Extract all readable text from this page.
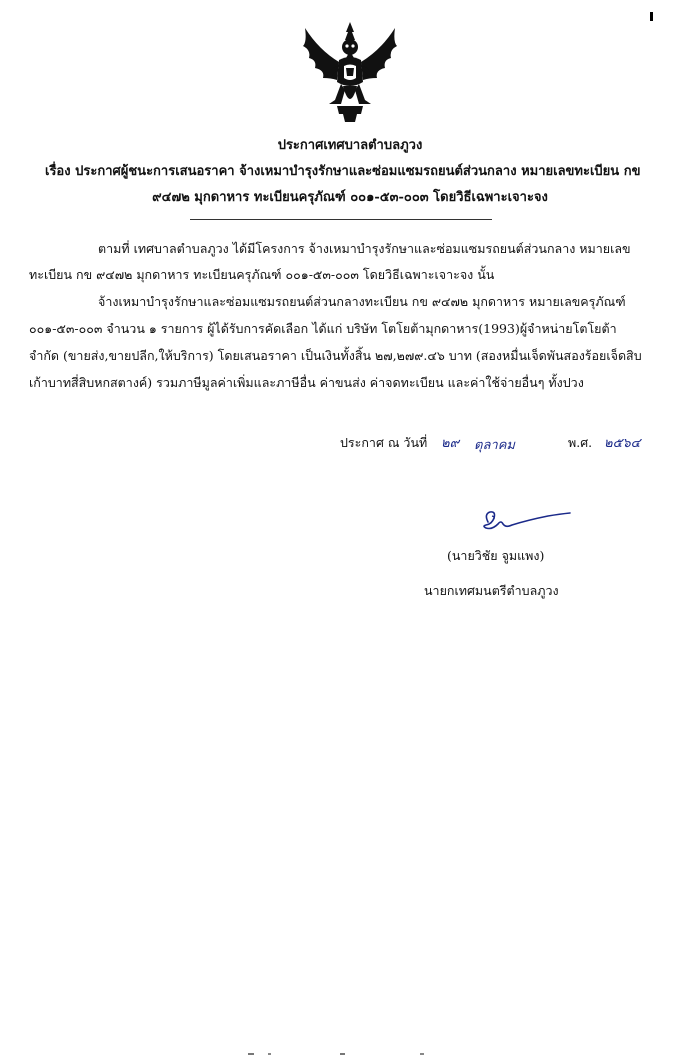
ประกาศเทศบาลตำบลภูวง
เรื่อง ประกาศผู้ชนะการเสนอราคา จ้างเหมาบำรุงรักษาและซ่อมแซมรถยนต์ส่วนกลาง หมายเลขทะเบียน กข
๙๔๗๒ มุกดาหาร ทะเบียนครุภัณฑ์ ๐๐๑-๕๓-๐๐๓ โดยวิธีเฉพาะเจาะจง
ตามที่ เทศบาลตำบลภูวง ได้มีโครงการ จ้างเหมาบำรุงรักษาและซ่อมแซมรถยนต์ส่วนกลาง หมายเลข
ทะเบียน กข ๙๔๗๒ มุกดาหาร ทะเบียนครุภัณฑ์ ๐๐๑-๕๓-๐๐๓ โดยวิธีเฉพาะเจาะจง นั้น
จ้างเหมาบำรุงรักษาและซ่อมแซมรถยนต์ส่วนกลางทะเบียน กข ๙๔๗๒ มุกดาหาร หมายเลขครุภัณฑ์
๐๐๑-๕๓-๐๐๓ จำนวน ๑ รายการ ผู้ได้รับการคัดเลือก ได้แก่ บริษัท โตโยต้ามุกดาหาร(1993)ผู้จำหน่ายโตโยต้า
จำกัด (ขายส่ง,ขายปลีก,ให้บริการ) โดยเสนอราคา เป็นเงินทั้งสิ้น ๒๗,๒๗๙.๔๖ บาท (สองหมื่นเจ็ดพันสองร้อยเจ็ดสิบ
เก้าบาทสี่สิบหกสตางค์) รวมภาษีมูลค่าเพิ่มและภาษีอื่น ค่าขนส่ง ค่าจดทะเบียน และค่าใช้จ่ายอื่นๆ ทั้งปวง
ประกาศ ณ วันที่ ๒๙ ตุลาคม	พ.ศ. ๒๕๖๔
(นายวิชัย จูมแพง)
นายกเทศมนตรีตำบลภูวง
